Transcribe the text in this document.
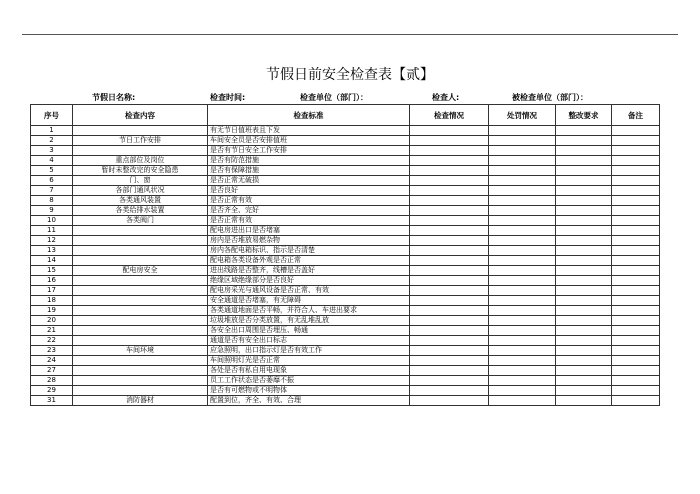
节假日前安全检查表【贰】
节假日名称:	检查时间:	检查单位（部门）：	检查人:	被检查单位（部门）：
序号	检查内容	检查标准	检查情况	处罚情况	整改要求	备注
1		有无节日值班表且下发				
2	节日工作安排	车间安全员是否安排值班				
3		是否有节日安全工作安排				
4	重点部位及岗位	是否有防范措施				
5	暂时未整改完的安全隐患	是否有保障措施				
6	门、窗	是否正常无破损				
7	各部门通风状况	是否良好				
8	各类通风装置	是否正常有效				
9	各类给排水装置	是否齐全、完好				
10	各类阀门	是否正常有效				
11		配电房进出口是否堵塞				
12		房内是否堆放易燃杂物				
13		房内各配电箱标识、指示是否清楚				
14		配电箱各类设备外观是否正常				
15	配电房安全	进出线路是否整齐，线槽是否盖好				
16		绝缘区域绝缘部分是否良好				
17		配电房采光与通风设备是否正常、有效				
18		安全通道是否堵塞，有无障碍				
19		各类通道地面是否平畅，并符合人、车进出要求				
20		垃圾堆放是否分类放置，有无乱堆乱放				
21		各安全出口周围是否埋压、畅通				
22		通道是否有安全出口标志				
23	车间环境	应急照明，出口指示灯是否有效工作				
24		车间照明灯光是否正常				
27		各处是否有私自用电现象				
28		员工工作状态是否萎靡不振				
29		是否有可燃物或不明物体				
31	消防器材	配置到位，齐全、有效、合理				
